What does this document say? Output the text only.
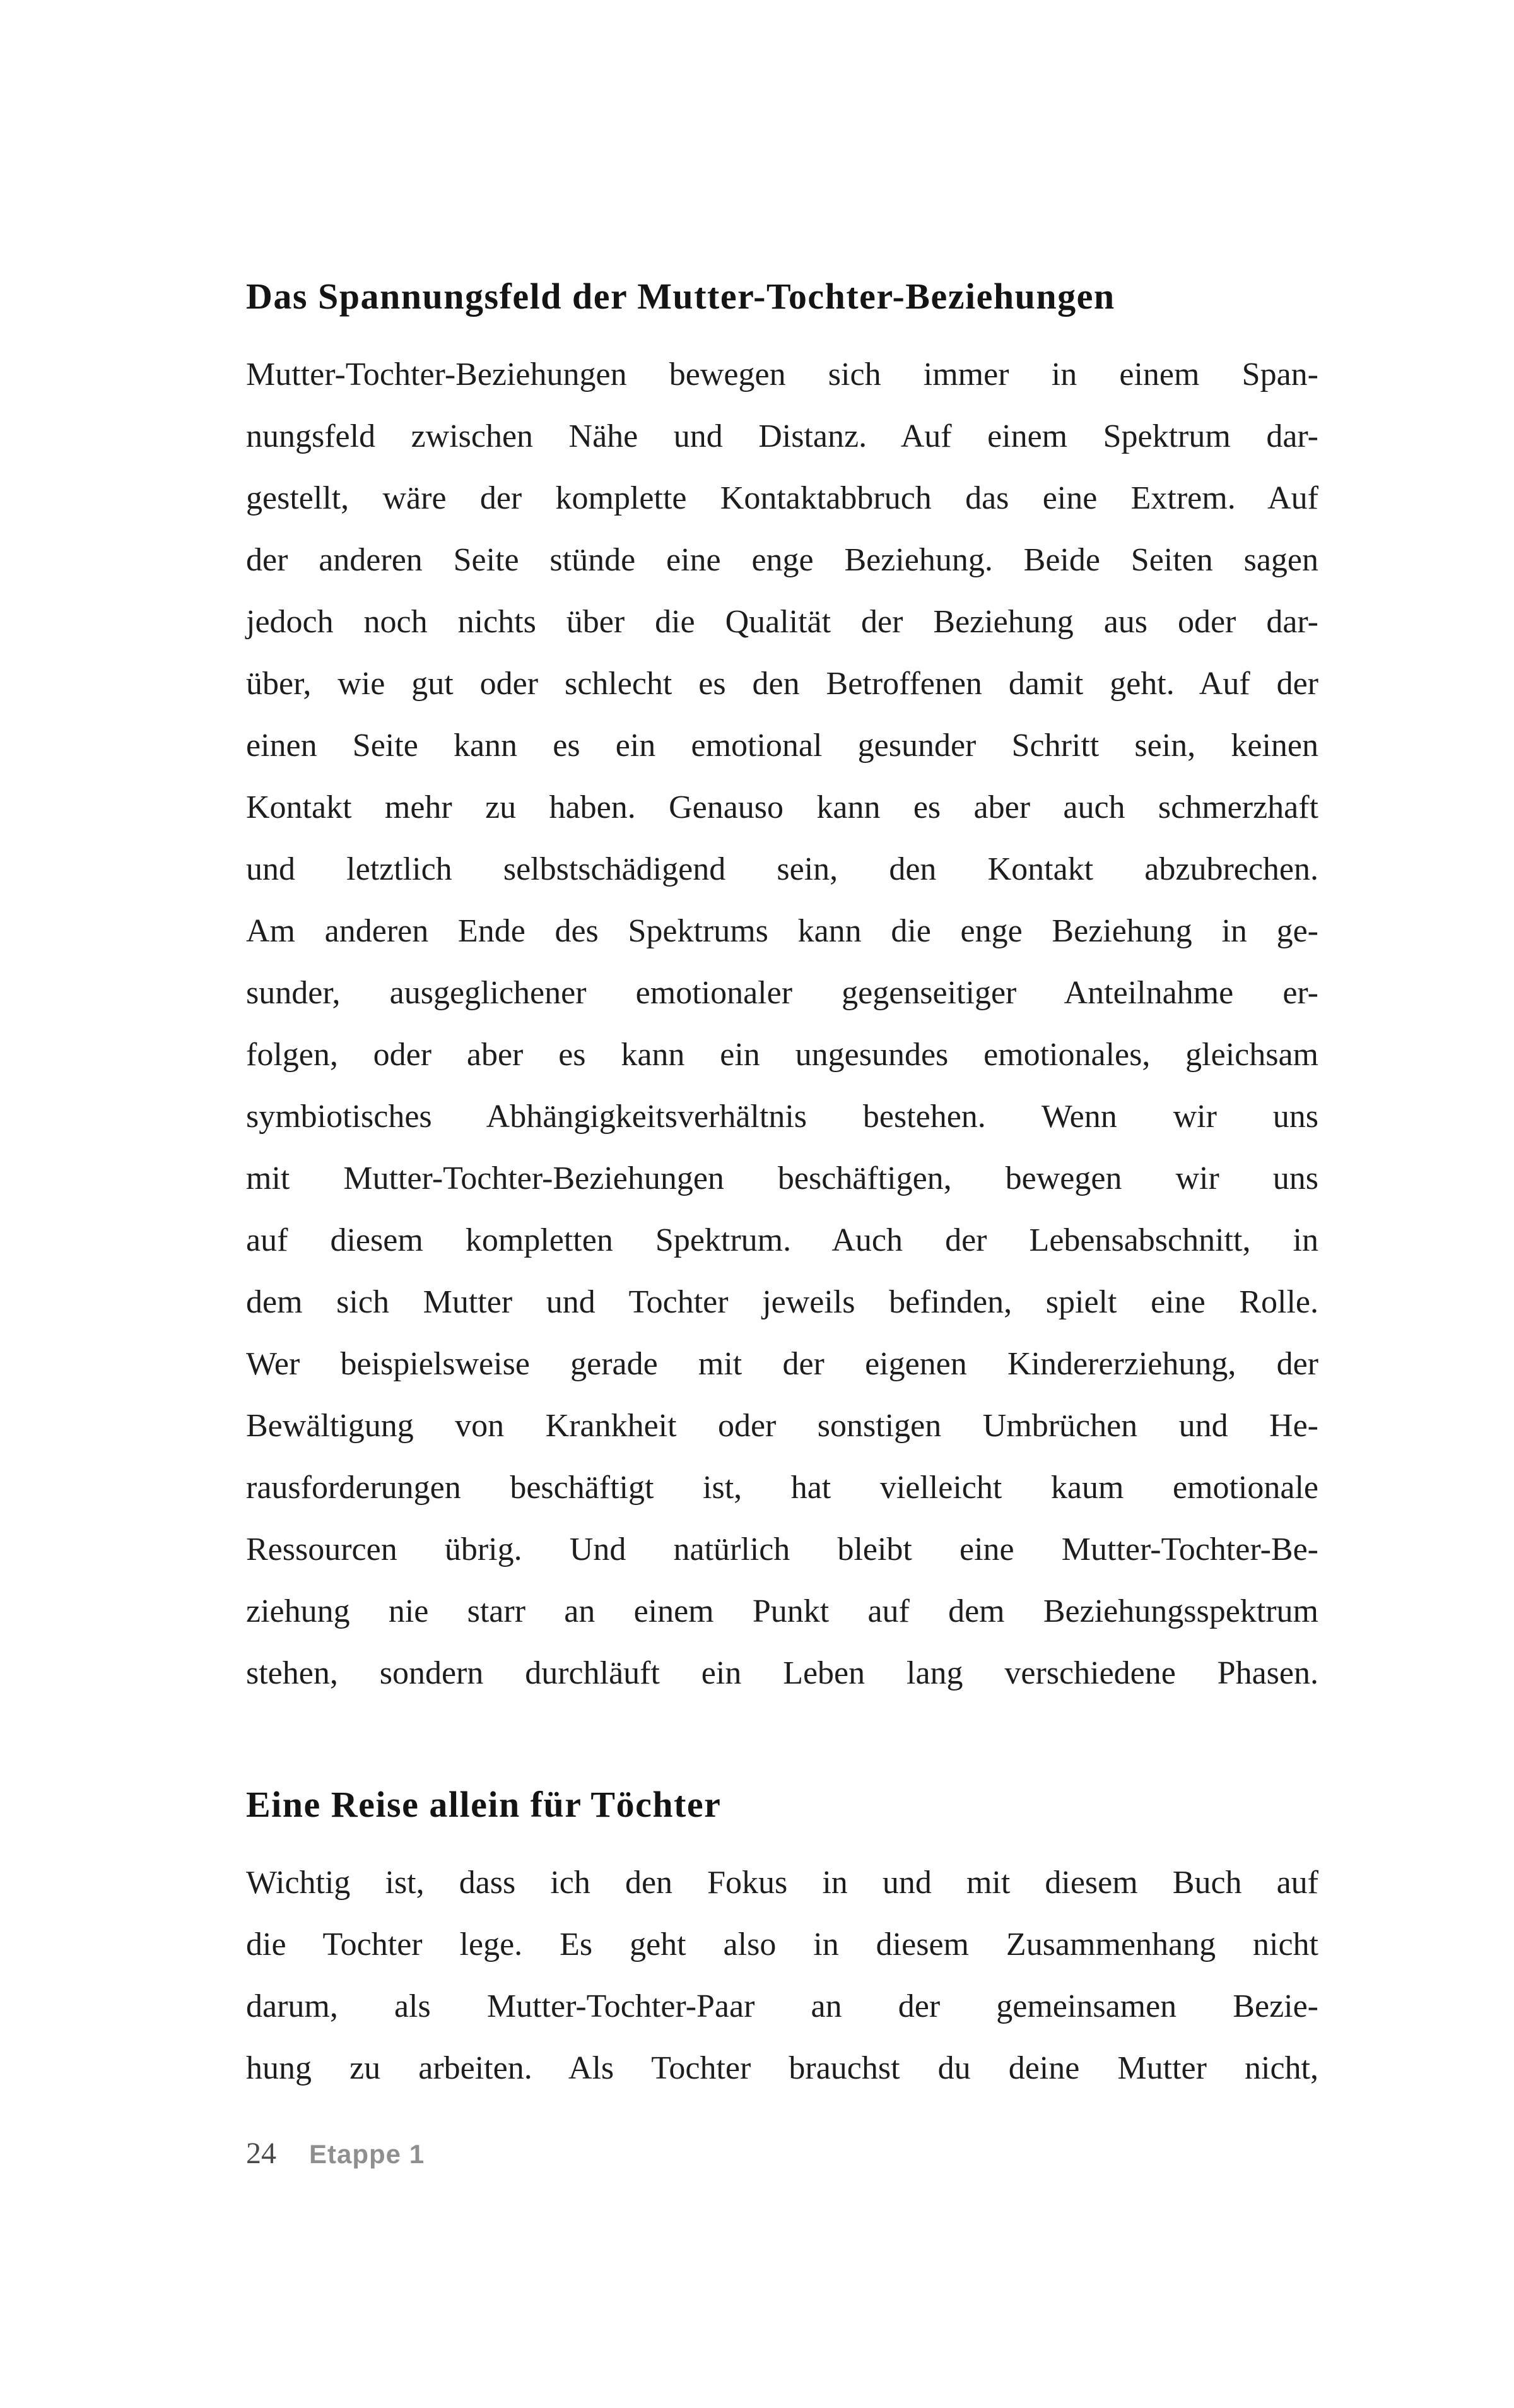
Das Spannungsfeld der Mutter-Tochter-Beziehungen
Mutter-Tochter-Beziehungen bewegen sich immer in einem Span-
nungsfeld zwischen Nähe und Distanz. Auf einem Spektrum dar-
gestellt, wäre der komplette Kontaktabbruch das eine Extrem. Auf
der anderen Seite stünde eine enge Beziehung. Beide Seiten sagen
jedoch noch nichts über die Qualität der Beziehung aus oder dar-
über, wie gut oder schlecht es den Betroffenen damit geht. Auf der
einen Seite kann es ein emotional gesunder Schritt sein, keinen
Kontakt mehr zu haben. Genauso kann es aber auch schmerzhaft
und letztlich selbstschädigend sein, den Kontakt abzubrechen.
Am anderen Ende des Spektrums kann die enge Beziehung in ge-
sunder, ausgeglichener emotionaler gegenseitiger Anteilnahme er-
folgen, oder aber es kann ein ungesundes emotionales, gleichsam
symbiotisches Abhängigkeitsverhältnis bestehen. Wenn wir uns
mit Mutter-Tochter-Beziehungen beschäftigen, bewegen wir uns
auf diesem kompletten Spektrum. Auch der Lebensabschnitt, in
dem sich Mutter und Tochter jeweils befinden, spielt eine Rolle.
Wer beispielsweise gerade mit der eigenen Kindererziehung, der
Bewältigung von Krankheit oder sonstigen Umbrüchen und He-
rausforderungen beschäftigt ist, hat vielleicht kaum emotionale
Ressourcen übrig. Und natürlich bleibt eine Mutter-Tochter-Be-
ziehung nie starr an einem Punkt auf dem Beziehungsspektrum
stehen, sondern durchläuft ein Leben lang verschiedene Phasen.
Eine Reise allein für Töchter
Wichtig ist, dass ich den Fokus in und mit diesem Buch auf
die Tochter lege. Es geht also in diesem Zusammenhang nicht
darum, als Mutter-Tochter-Paar an der gemeinsamen Bezie-
hung zu arbeiten. Als Tochter brauchst du deine Mutter nicht,
24 Etappe 1
